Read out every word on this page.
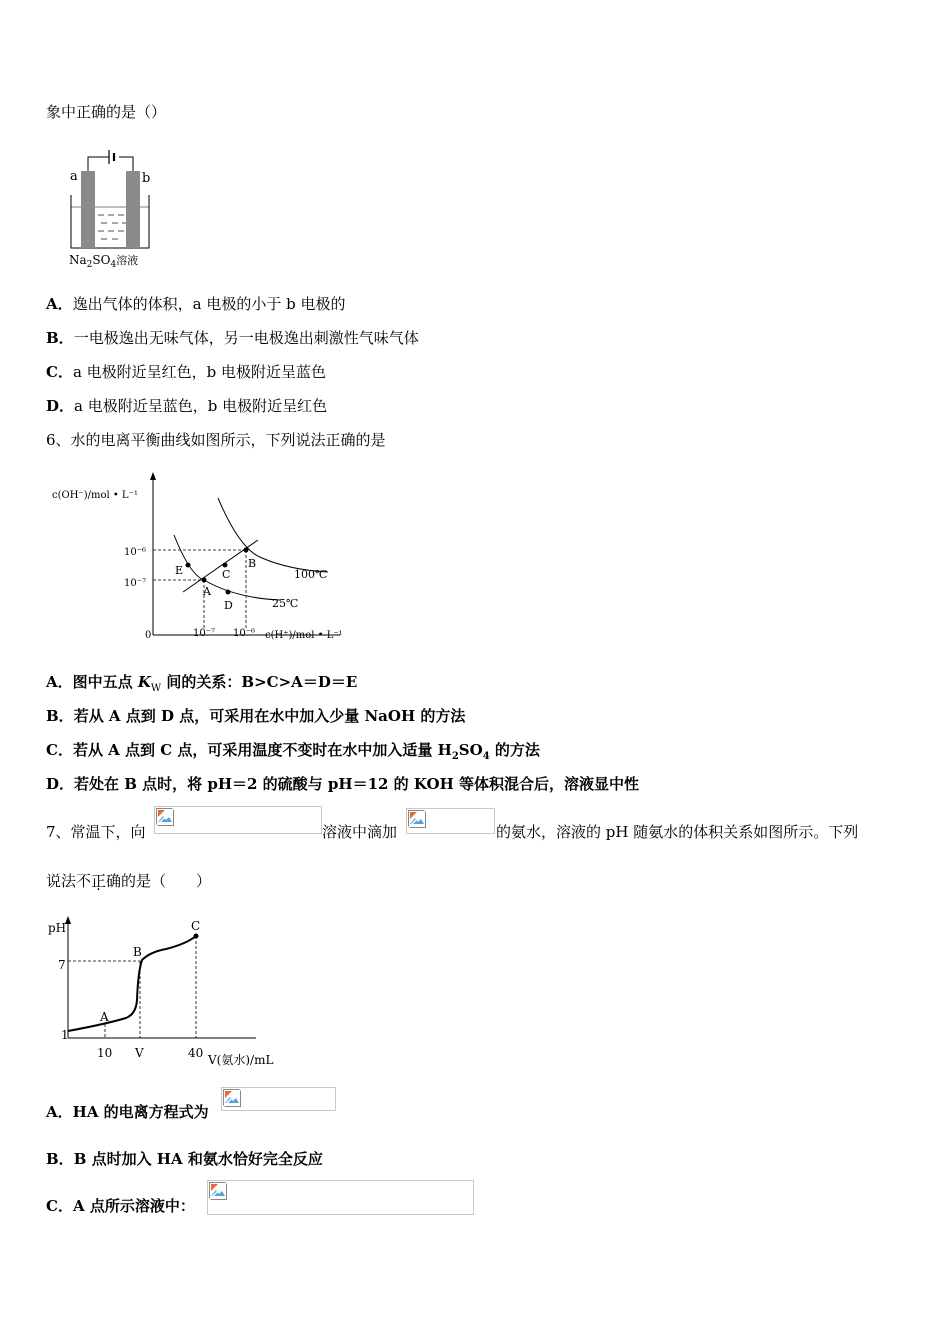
象中正确的是（）
a	b
$Na_2SO_4$溶液
A．逸出气体的体积，a 电极的小于 b 电极的
B．一电极逸出无味气体，另一电极逸出刺激性气味气体
C．a 电极附近呈红色，b 电极附近呈蓝色
D．a 电极附近呈蓝色，b 电极附近呈红色
6、水的电离平衡曲线如图所示，下列说法正确的是
c(OH⁻)/mol • L⁻¹
c(H⁺)/mol • L⁻¹
0
10⁻⁶
10⁻⁷
10⁻⁷ 10⁻⁶
E	C
B
A
D
100℃
25℃
A．图中五点 $K_W$ 间的关系：B>C>A＝D＝E
B．若从 A 点到 D 点，可采用在水中加入少量 NaOH 的方法
C．若从 A 点到 C 点，可采用温度不变时在水中加入适量 $H_2SO_4$ 的方法
D．若处在 B 点时，将 pH＝2 的硫酸与 pH＝12 的 KOH 等体积混合后，溶液显中性
7、常温下，向	溶液中滴加	的氨水，溶液的 pH 随氨水的体积关系如图所示。下列
说法不正确的是（　　）
pH
V(氨水)/mL
7
1
10 V	40
A
B
C
A．HA 的电离方程式为
B．B 点时加入 HA 和氨水恰好完全反应
C．A 点所示溶液中：
